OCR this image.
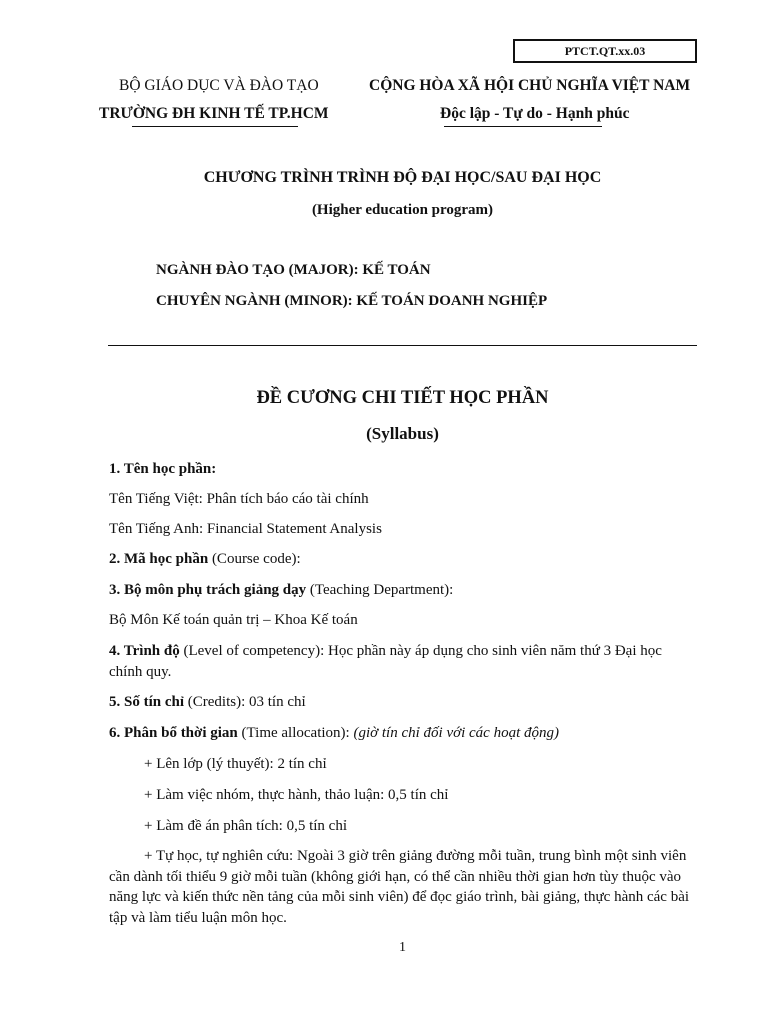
PTCT.QT.xx.03
BỘ GIÁO DỤC VÀ ĐÀO TẠO
TRƯỜNG ĐH KINH TẾ TP.HCM
CỘNG HÒA XÃ HỘI CHỦ NGHĨA VIỆT NAM
Độc lập - Tự do - Hạnh phúc
CHƯƠNG TRÌNH TRÌNH ĐỘ ĐẠI HỌC/SAU ĐẠI HỌC
(Higher education program)
NGÀNH ĐÀO TẠO (MAJOR): KẾ TOÁN
CHUYÊN NGÀNH (MINOR): KẾ TOÁN DOANH NGHIỆP
ĐỀ CƯƠNG CHI TIẾT HỌC PHẦN
(Syllabus)
1. Tên học phần:
Tên Tiếng Việt: Phân tích báo cáo tài chính
Tên Tiếng Anh: Financial Statement Analysis
2. Mã học phần (Course code):
3. Bộ môn phụ trách giảng dạy (Teaching Department):
Bộ Môn Kế toán quản trị – Khoa Kế toán
4. Trình độ (Level of competency): Học phần này áp dụng cho sinh viên năm thứ 3 Đại học chính quy.
5. Số tín chỉ (Credits): 03 tín chỉ
6. Phân bổ thời gian (Time allocation): (giờ tín chỉ đối với các hoạt động)
+ Lên lớp (lý thuyết): 2 tín chỉ
+ Làm việc nhóm, thực hành, thảo luận: 0,5 tín chỉ
+ Làm đề án phân tích: 0,5 tín chỉ
+ Tự học, tự nghiên cứu: Ngoài 3 giờ trên giảng đường mỗi tuần, trung bình một sinh viên cần dành tối thiểu 9 giờ mỗi tuần (không giới hạn, có thể cần nhiều thời gian hơn tùy thuộc vào năng lực và kiến thức nền tảng của mỗi sinh viên) để đọc giáo trình, bài giảng, thực hành các bài tập và làm tiểu luận môn học.
1
